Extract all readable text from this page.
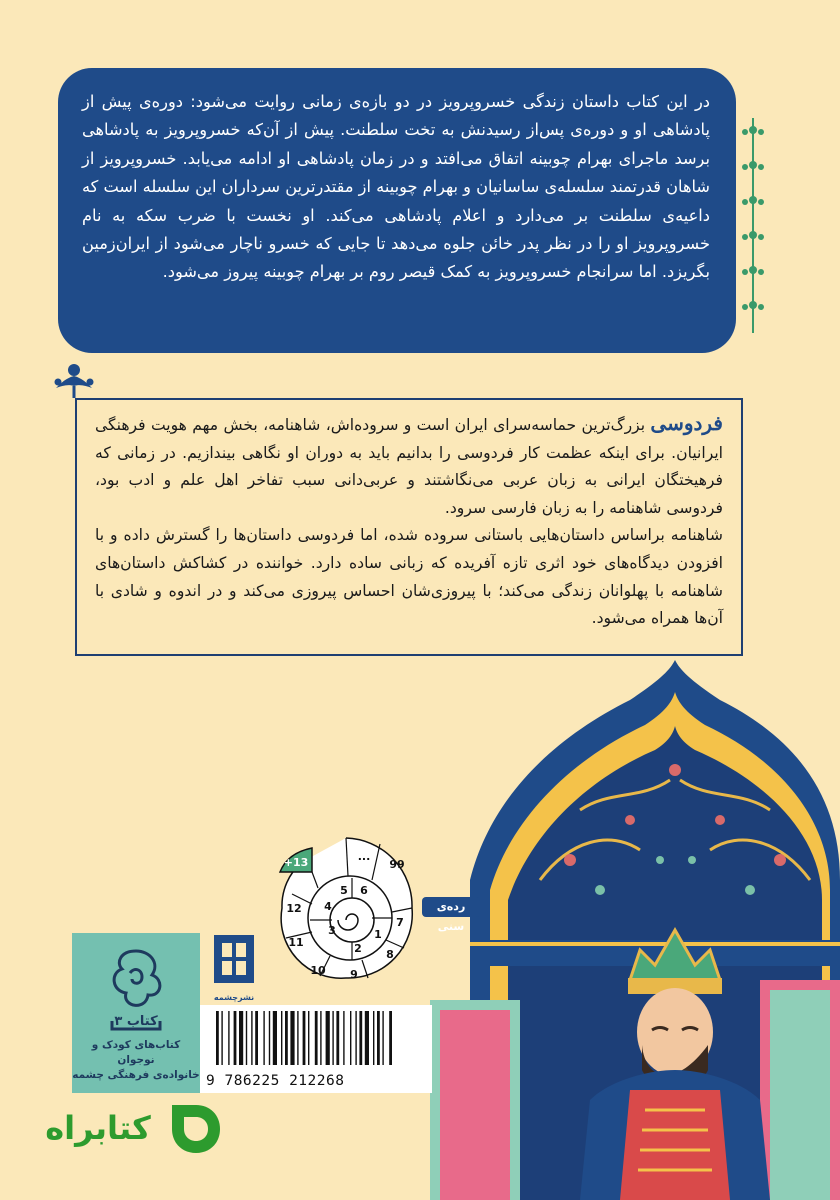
در این کتاب داستان زندگی خسروپرویز در دو بازه‌ی زمانی روایت می‌شود: دوره‌ی پیش از پادشاهی او و دوره‌ی پس‌از رسیدنش به تخت سلطنت. پیش از آن‌که خسروپرویز به پادشاهی برسد ماجرای بهرام چوبینه اتفاق می‌افتد و در زمان پادشاهی او ادامه می‌یابد. خسروپرویز از شاهان قدرتمند سلسله‌ی ساسانیان و بهرام چوبینه از مقتدرترین سرداران این سلسله است که داعیه‌ی سلطنت بر می‌دارد و اعلام پادشاهی می‌کند. او نخست با ضرب سکه به نام خسروپرویز او را در نظر پدر خائن جلوه می‌دهد تا جایی که خسرو ناچار می‌شود از ایران‌زمین بگریزد. اما سرانجام خسروپرویز به کمک قیصر روم بر بهرام چوبینه پیروز می‌شود.

فردوسی بزرگ‌ترین حماسه‌سرای ایران است و سروده‌اش، شاهنامه، بخش مهم هویت فرهنگی ایرانیان. برای اینکه عظمت کار فردوسی را بدانیم باید به دوران او نگاهی بیندازیم. در زمانی که فرهیختگان ایرانی به زبان عربی می‌نگاشتند و عربی‌دانی سبب تفاخر اهل علم و ادب بود، فردوسی شاهنامه را به زبان فارسی سرود.

شاهنامه براساس داستان‌هایی باستانی سروده شده، اما فردوسی داستان‌ها را گسترش داده و با افزودن دیدگاه‌های خود اثری تازه آفریده که زبانی ساده دارد. خواننده در کشاکش داستان‌های شاهنامه با پهلوانان زندگی می‌کند؛ با پیروزی‌شان احساس پیروزی می‌کند و در اندوه و شادی با آن‌ها همراه می‌شود.

99
...
+13
12
11
10 9
8
7
6
5
4
3
2
1
رده‌ی سنی
نشرچشمه
کتاب ۳
کتاب‌های کودک و نوجوان
خانواده‌ی فرهنگی چشمه 9 786225 212268
کتابراه
